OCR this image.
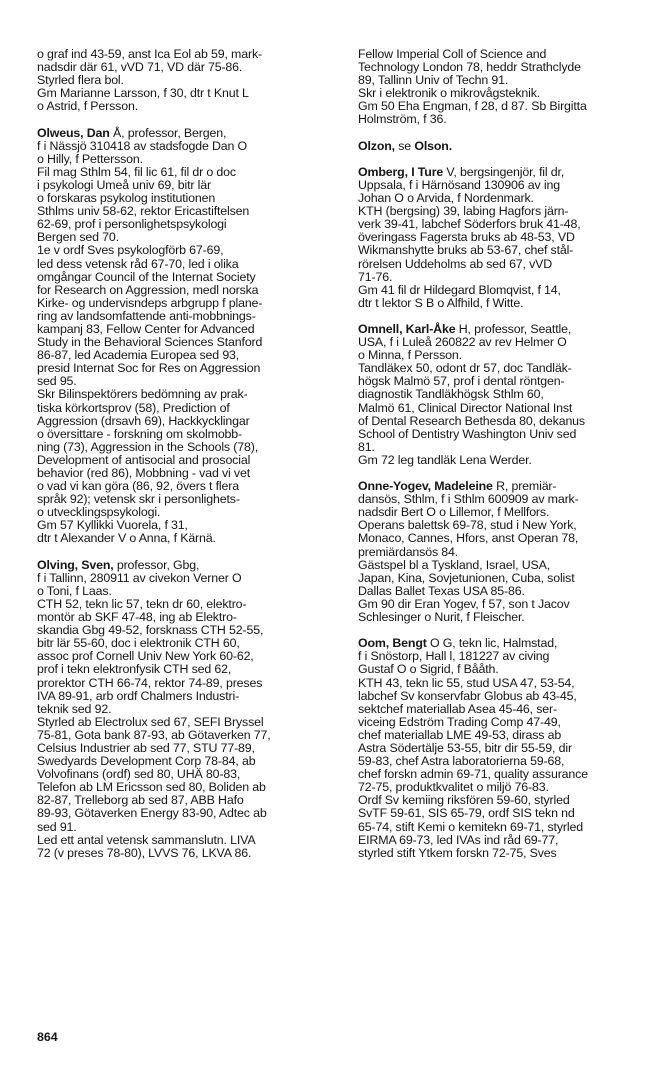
o graf ind 43-59, anst Ica Eol ab 59, mark-
nadsdir där 61, vVD 71, VD där 75-86.
Styrled flera bol.
Gm Marianne Larsson, f 30, dtr t Knut L
o Astrid, f Persson.
Olweus, Dan Å, professor, Bergen,
f i Nässjö 310418 av stadsfogde Dan O
o Hilly, f Pettersson.
Fil mag Sthlm 54, fil lic 61, fil dr o doc
i psykologi Umeå univ 69, bitr lär
o forskaras psykolog institutionen
Sthlms univ 58-62, rektor Ericastiftelsen
62-69, prof i personlighetspsykologi
Bergen sed 70.
1e v ordf Sves psykologförb 67-69,
led dess vetensk råd 67-70, led i olika
omgångar Council of the Internat Society
for Research on Aggression, medl norska
Kirke- og undervisndeps arbgrupp f plane-
ring av landsomfattende anti-mobbnings-
kampanj 83, Fellow Center for Advanced
Study in the Behavioral Sciences Stanford
86-87, led Academia Europea sed 93,
presid Internat Soc for Res on Aggression
sed 95.
Skr Bilinspektörers bedömning av prak-
tiska körkortsprov (58), Prediction of
Aggression (drsavh 69), Hackkycklingar
o översittare - forskning om skolmobb-
ning (73), Aggression in the Schools (78),
Development of antisocial and prosocial
behavior (red 86), Mobbning - vad vi vet
o vad vi kan göra (86, 92, övers t flera
språk 92); vetensk skr i personlighets-
o utvecklingspsykologi.
Gm 57 Kyllikki Vuorela, f 31,
dtr t Alexander V o Anna, f Kärnä.
Olving, Sven, professor, Gbg,
f i Tallinn, 280911 av civekon Verner O
o Toni, f Laas.
CTH 52, tekn lic 57, tekn dr 60, elektro-
montör ab SKF 47-48, ing ab Elektro-
skandia Gbg 49-52, forsknass CTH 52-55,
bitr lär 55-60, doc i elektronik CTH 60,
assoc prof Cornell Univ New York 60-62,
prof i tekn elektronfysik CTH sed 62,
prorektor CTH 66-74, rektor 74-89, preses
IVA 89-91, arb ordf Chalmers Industri-
teknik sed 92.
Styrled ab Electrolux sed 67, SEFI Bryssel
75-81, Gota bank 87-93, ab Götaverken 77,
Celsius Industrier ab sed 77, STU 77-89,
Swedyards Development Corp 78-84, ab
Volvofinans (ordf) sed 80, UHÄ 80-83,
Telefon ab LM Ericsson sed 80, Boliden ab
82-87, Trelleborg ab sed 87, ABB Hafo
89-93, Götaverken Energy 83-90, Adtec ab
sed 91.
Led ett antal vetensk sammanslutn. LIVA
72 (v preses 78-80), LVVS 76, LKVA 86.
Fellow Imperial Coll of Science and
Technology London 78, heddr Strathclyde
89, Tallinn Univ of Techn 91.
Skr i elektronik o mikrovågsteknik.
Gm 50 Eha Engman, f 28, d 87. Sb Birgitta
Holmström, f 36.
Olzon, se Olson.
Omberg, I Ture V, bergsingenjör, fil dr,
Uppsala, f i Härnösand 130906 av ing
Johan O o Arvida, f Nordenmark.
KTH (bergsing) 39, labing Hagfors järn-
verk 39-41, labchef Söderfors bruk 41-48,
överingass Fagersta bruks ab 48-53, VD
Wikmanshytte bruks ab 53-67, chef stål-
rörelsen Uddeholms ab sed 67, vVD
71-76.
Gm 41 fil dr Hildegard Blomqvist, f 14,
dtr t lektor S B o Alfhild, f Witte.
Omnell, Karl-Åke H, professor, Seattle,
USA, f i Luleå 260822 av rev Helmer O
o Minna, f Persson.
Tandläkex 50, odont dr 57, doc Tandläk-
högsk Malmö 57, prof i dental röntgen-
diagnostik Tandläkhögsk Sthlm 60,
Malmö 61, Clinical Director National Inst
of Dental Research Bethesda 80, dekanus
School of Dentistry Washington Univ sed
81.
Gm 72 leg tandläk Lena Werder.
Onne-Yogev, Madeleine R, premiär-
dansös, Sthlm, f i Sthlm 600909 av mark-
nadsdir Bert O o Lillemor, f Mellfors.
Operans balettsk 69-78, stud i New York,
Monaco, Cannes, Hfors, anst Operan 78,
premiärdansös 84.
Gästspel bl a Tyskland, Israel, USA,
Japan, Kina, Sovjetunionen, Cuba, solist
Dallas Ballet Texas USA 85-86.
Gm 90 dir Eran Yogev, f 57, son t Jacov
Schlesinger o Nurit, f Fleischer.
Oom, Bengt O G, tekn lic, Halmstad,
f i Snöstorp, Hall l, 181227 av civing
Gustaf O o Sigrid, f Bååth.
KTH 43, tekn lic 55, stud USA 47, 53-54,
labchef Sv konservfabr Globus ab 43-45,
sektchef materiallab Asea 45-46, ser-
viceing Edström Trading Comp 47-49,
chef materiallab LME 49-53, dirass ab
Astra Södertälje 53-55, bitr dir 55-59, dir
59-83, chef Astra laboratorierna 59-68,
chef forskn admin 69-71, quality assurance
72-75, produktkvalitet o miljö 76-83.
Ordf Sv kemiing riksfören 59-60, styrled
SvTF 59-61, SIS 65-79, ordf SIS tekn nd
65-74, stift Kemi o kemitekn 69-71, styrled
EIRMA 69-73, led IVAs ind råd 69-77,
styrled stift Ytkem forskn 72-75, Sves
864
